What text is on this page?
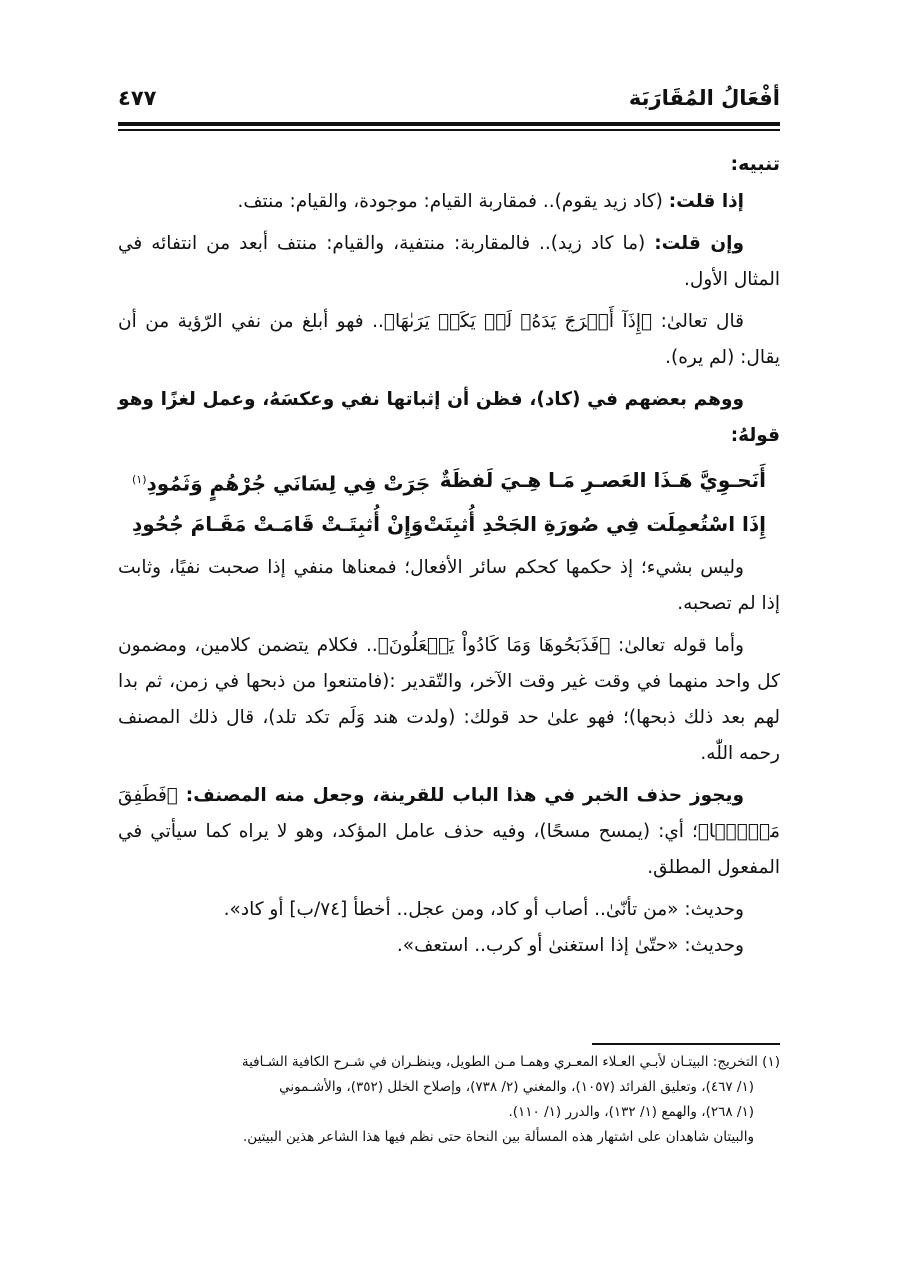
أفْعَالُ المُقَارَبَة
٤٧٧

تنبيه:

إذا قلت: (كاد زيد يقوم).. فمقاربة القيام: موجودة، والقيام: منتف.

وإن قلت: (ما كاد زيد).. فالمقاربة: منتفية، والقيام: منتف أبعد من انتفائه في المثال الأول.

قال تعالىٰ: ﴿إِذَآ أَخۡرَجَ يَدَهُۥ لَمۡ يَكَدۡ يَرَىٰهَا﴾.. فهو أبلغ من نفي الرّؤية من أن يقال: (لم يره).

ووهم بعضهم في (كاد)، فظن أن إثباتها نفي وعكسَهُ، وعمل لغزًا وهو قولهُ:

أَنَحـوِيَّ هَـذَا العَصـرِ مَـا هِـيَ لَفظَةٌ
جَرَتْ فِي لِسَانَي جُرْهُمٍ وَثَمُودِ$^{(١)}$
إِذَا اسْتُعمِلَت فِي صُورَةِ الجَحْدِ أُثبِتَتْ
وَإِنْ أُثبِتَـتْ قَامَـتْ مَقَـامَ جُحُودِ

وليس بشيء؛ إذ حكمها كحكم سائر الأفعال؛ فمعناها منفي إذا صحبت نفيًا، وثابت إذا لم تصحبه.

وأما قوله تعالىٰ: ﴿فَذَبَحُوهَا وَمَا كَادُواْ يَفۡعَلُونَ﴾.. فكلام يتضمن كلامين، ومضمون كل واحد منهما في وقت غير وقت الآخر، والتّقدير :(فامتنعوا من ذبحها في زمن، ثم بدا لهم بعد ذلك ذبحها)؛ فهو علىٰ حد قولك: (ولدت هند وَلَم تكد تلد)، قال ذلك المصنف رحمه اللّٰه.

ويجوز حذف الخبر في هذا الباب للقرينة، وجعل منه المصنف: ﴿فَطَفِقَ مَسۡحَۢا﴾؛ أي: (يمسح مسحًا)، وفيه حذف عامل المؤكد، وهو لا يراه كما سيأتي في المفعول المطلق.

وحديث: «من تأنّىٰ.. أصاب أو كاد، ومن عجل.. أخطأ [٧٤/ب] أو كاد».

وحديث: «حتّىٰ إذا استغنىٰ أو كرب.. استعف».

(١) التخريج: البيتـان لأبـي العـلاء المعـري وهمـا مـن الطويل، وينظـران في شـرح الكافية الشـافية

(١/ ٤٦٧)، وتعليق الفرائد (١٠٥٧)، والمغني (٢/ ٧٣٨)، وإصلاح الخلل (٣٥٢)، والأشـموني

(١/ ٢٦٨)، والهمع (١/ ١٣٢)، والدرر (١/ ١١٠).

والبيتان شاهدان على اشتهار هذه المسألة بين النحاة حتى نظم فيها هذا الشاعر هذين البيتين.
